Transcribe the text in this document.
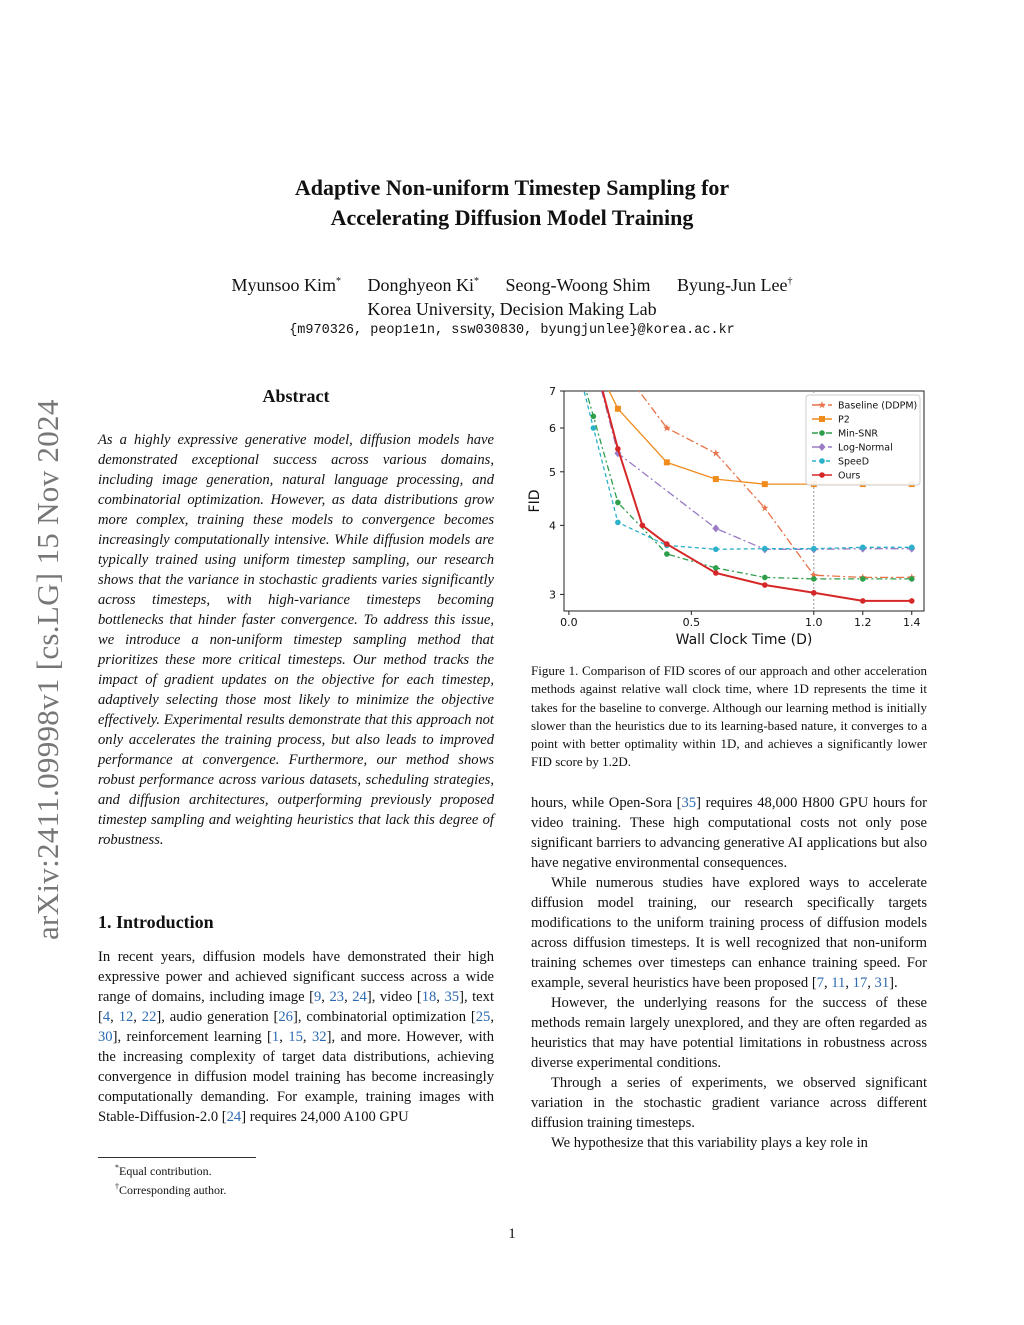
Adaptive Non-uniform Timestep Sampling for
Accelerating Diffusion Model Training
Myunsoo Kim* Donghyeon Ki* Seong-Woong Shim Byung-Jun Lee†
Korea University, Decision Making Lab
{m970326, peop1e1n, ssw030830, byungjunlee}@korea.ac.kr
arXiv:2411.09998v1 [cs.LG] 15 Nov 2024
Abstract
As a highly expressive generative model, diffusion models have demonstrated exceptional success across various domains, including image generation, natural language processing, and combinatorial optimization. However, as data distributions grow more complex, training these models to convergence becomes increasingly computationally intensive. While diffusion models are typically trained using uniform timestep sampling, our research shows that the variance in stochastic gradients varies significantly across timesteps, with high-variance timesteps becoming bottlenecks that hinder faster convergence. To address this issue, we introduce a non-uniform timestep sampling method that prioritizes these more critical timesteps. Our method tracks the impact of gradient updates on the objective for each timestep, adaptively selecting those most likely to minimize the objective effectively. Experimental results demonstrate that this approach not only accelerates the training process, but also leads to improved performance at convergence. Furthermore, our method shows robust performance across various datasets, scheduling strategies, and diffusion architectures, outperforming previously proposed timestep sampling and weighting heuristics that lack this degree of robustness.
1. Introduction

In recent years, diffusion models have demonstrated their high expressive power and achieved significant success across a wide range of domains, including image [9, 23, 24], video [18, 35], text [4, 12, 22], audio generation [26], combinatorial optimization [25, 30], reinforcement learning [1, 15, 32], and more. However, with the increasing complexity of target data distributions, achieving convergence in diffusion model training has become increasingly computationally demanding. For example, training images with Stable-Diffusion-2.0 [24] requires 24,000 A100 GPU

*Equal contribution.
†Corresponding author.
0.0	0.5	1.0	1.2	1.4
3
4
5
6
7
Wall Clock Time (D)
FID
Baseline (DDPM)
P2
Min-SNR
Log-Normal
SpeeD
Ours
Figure 1. Comparison of FID scores of our approach and other acceleration methods against relative wall clock time, where 1D represents the time it takes for the baseline to converge. Although our learning method is initially slower than the heuristics due to its learning-based nature, it converges to a point with better optimality within 1D, and achieves a significantly lower FID score by 1.2D.

hours, while Open-Sora [35] requires 48,000 H800 GPU hours for video training. These high computational costs not only pose significant barriers to advancing generative AI applications but also have negative environmental consequences.

While numerous studies have explored ways to accelerate diffusion model training, our research specifically targets modifications to the uniform training process of diffusion models across diffusion timesteps. It is well recognized that non-uniform training schemes over timesteps can enhance training speed. For example, several heuristics have been proposed [7, 11, 17, 31].

However, the underlying reasons for the success of these methods remain largely unexplored, and they are often regarded as heuristics that may have potential limitations in robustness across diverse experimental conditions.

Through a series of experiments, we observed significant variation in the stochastic gradient variance across different diffusion training timesteps.

We hypothesize that this variability plays a key role in

1
